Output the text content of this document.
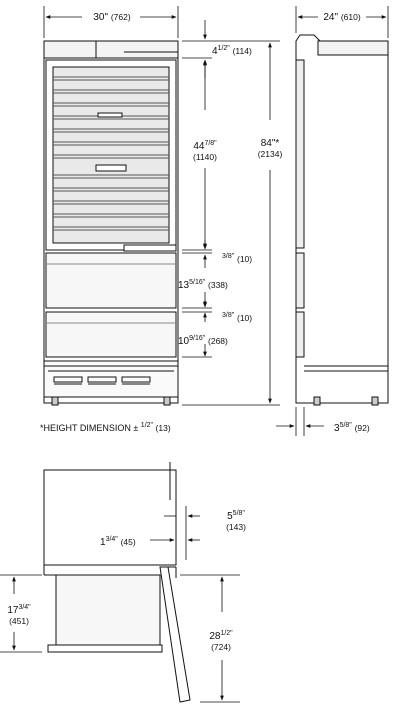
30" (762)
$4^{1/2"}$ (114)
$44^{7/8"}$
(1140)
$^{3/8"}$ (10)
$13^{5/16"}$ (338)
$^{3/8"}$ (10)
$10^{9/16"}$ (268)
84"*
(2134)
*HEIGHT DIMENSION ± $^{1/2"}$ (13)
24" (610)
$3^{5/8"}$ (92)
$5^{5/8"}$
(143)
$1^{3/4"}$ (45)
$17^{3/4"}$
(451)
$28^{1/2"}$
(724)
